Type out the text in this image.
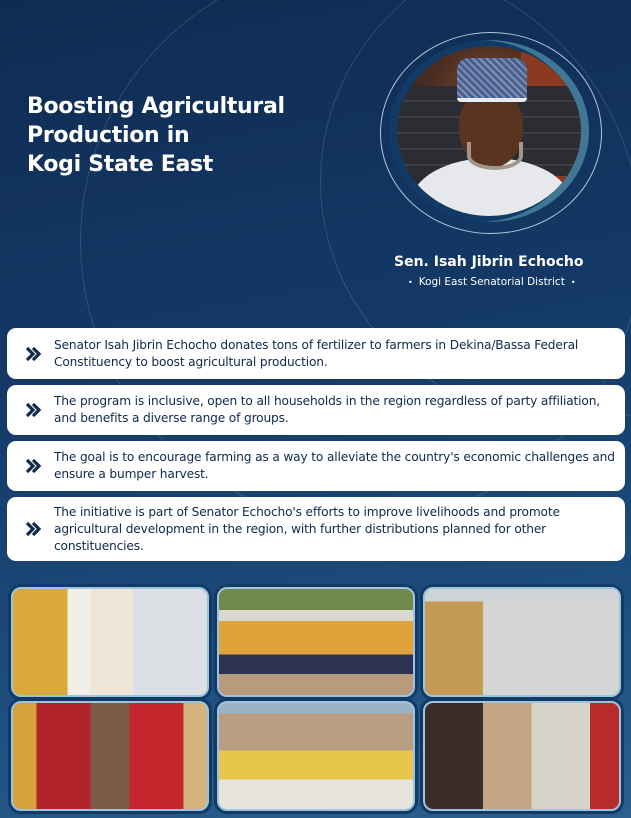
Boosting Agricultural
Production in
Kogi State East
Sen. Isah Jibrin Echocho
• Kogi East Senatorial District •
Senator Isah Jibrin Echocho donates tons of fertilizer to farmers in Dekina/Bassa Federal Constituency to boost agricultural production.
The program is inclusive, open to all households in the region regardless of party affiliation, and benefits a diverse range of groups.
The goal is to encourage farming as a way to alleviate the country's economic challenges and ensure a bumper harvest.
The initiative is part of Senator Echocho's efforts to improve livelihoods and promote agricultural development in the region, with further distributions planned for other constituencies.
